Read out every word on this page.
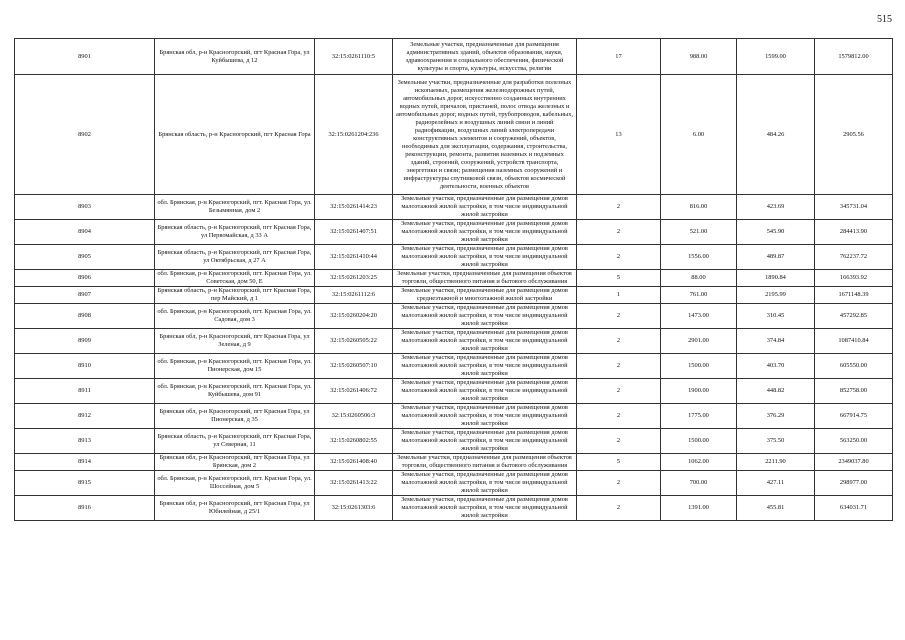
515
8901	Брянская обл, р-н Красногорский, пгт Красная Гора, ул Куйбышева, д 12	32:15:0261110:5	Земельные участки, предназначенные для размещения административных зданий, объектов образования, науки, здравоохранения и социального обеспечения, физической культуры и спорта, культуры, искусства, религии	17	988.00	1599.00	1579812.00
8902	Брянская область, р-н Красногорский, пгт Красная Гора	32:15:0261204:236	Земельные участки, предназначенные для разработки полезных ископаемых, размещения железнодорожных путей, автомобильных дорог, искусственно созданных внутренних водных путей, причалов, пристаней, полос отвода железных и автомобильных дорог, водных путей, трубопроводов, кабельных, радиорелейных и воздушных линий связи и линий радиофикации, воздушных линий электропередачи конструктивных элементов и сооружений, объектов, необходимых для эксплуатации, содержания, строительства, реконструкции, ремонта, развития наземных и подземных зданий, строений, сооружений, устройств транспорта, энергетики и связи; размещения наземных сооружений и инфраструктуры спутниковой связи, объектов космической деятельности, военных объектов	13	6.00	484.26	2905.56
8903	обл. Брянская, р-н Красногорский, пгт. Красная Гора, ул. Безымянная, дом 2	32:15:0261414:23	Земельные участки, предназначенные для размещения домов малоэтажной жилой застройки, в том числе индивидуальной жилой застройки	2	816.00	423.69	345731.04
8904	Брянская область, р-н Красногорский, пгт Красная Гора, ул Первомайская, д 33 А	32:15:0261407:51	Земельные участки, предназначенные для размещения домов малоэтажной жилой застройки, в том числе индивидуальной жилой застройки	2	521.00	545.90	284413.90
8905	Брянская область, р-н Красногорский, пгт Красная Гора, ул Октябрьская, д 27 А	32:15:0261410:44	Земельные участки, предназначенные для размещения домов малоэтажной жилой застройки, в том числе индивидуальной жилой застройки	2	1556.00	489.87	762237.72
8906	обл. Брянская, р-н Красногорский, пгт. Красная Гора, ул. Советская, дом 50, Е	32:15:0261203:25	Земельные участки, предназначенные для размещения объектов торговли, общественного питания и бытового обслуживания	5	88.00	1890.84	166393.92
8907	Брянская область, р-н Красногорский, пгт Красная Гора, пер Майский, д 1	32:15:0261112:6	Земельные участки, предназначенные для размещения домов среднеэтажной и многоэтажной жилой застройки	1	761.00	2195.99	1671148.39
8908	обл. Брянская, р-н Красногорский, пгт. Красная Гора, ул. Садовая, дом 3	32:15:0260204:20	Земельные участки, предназначенные для размещения домов малоэтажной жилой застройки, в том числе индивидуальной жилой застройки	2	1473.00	310.45	457292.85
8909	Брянская обл, р-н Красногорский, пгт Красная Гора, ул Зеленая, д 9	32:15:0260505:22	Земельные участки, предназначенные для размещения домов малоэтажной жилой застройки, в том числе индивидуальной жилой застройки	2	2901.00	374.84	1087410.84
8910	обл. Брянская, р-н Красногорский, пгт. Красная Гора, ул. Пионерская, дом 15	32:15:0260507:10	Земельные участки, предназначенные для размещения домов малоэтажной жилой застройки, в том числе индивидуальной жилой застройки	2	1500.00	403.70	605550.00
8911	обл. Брянская, р-н Красногорский, пгт. Красная Гора, ул. Куйбышева, дом 91	32:15:0261406:72	Земельные участки, предназначенные для размещения домов малоэтажной жилой застройки, в том числе индивидуальной жилой застройки	2	1900.00	448.82	852758.00
8912	Брянская обл, р-н Красногорский, пгт Красная Гора, ул Пионерская, д 35	32:15:0260506:3	Земельные участки, предназначенные для размещения домов малоэтажной жилой застройки, в том числе индивидуальной жилой застройки	2	1775.00	376.29	667914.75
8913	Брянская область, р-н Красногорский, пгт Красная Гора, ул Северная, 11	32:15:0260802:55	Земельные участки, предназначенные для размещения домов малоэтажной жилой застройки, в том числе индивидуальной жилой застройки	2	1500.00	375.50	563250.00
8914	Брянская обл, р-н Красногорский, пгт Красная Гора, ул Брянская, дом 2	32:15:0261408:40	Земельные участки, предназначенные для размещения объектов торговли, общественного питания и бытового обслуживания	5	1062.00	2211.90	2349037.80
8915	обл. Брянская, р-н Красногорский, пгт. Красная Гора, ул. Шоссейная, дом 5	32:15:0261413:22	Земельные участки, предназначенные для размещения домов малоэтажной жилой застройки, в том числе индивидуальной жилой застройки	2	700.00	427.11	298977.00
8916	Брянская обл, р-н Красногорский, пгт Красная Гора, ул Юбилейная, д 25/1	32:15:0261303:6	Земельные участки, предназначенные для размещения домов малоэтажной жилой застройки, в том числе индивидуальной жилой застройки	2	1391.00	455.81	634031.71
